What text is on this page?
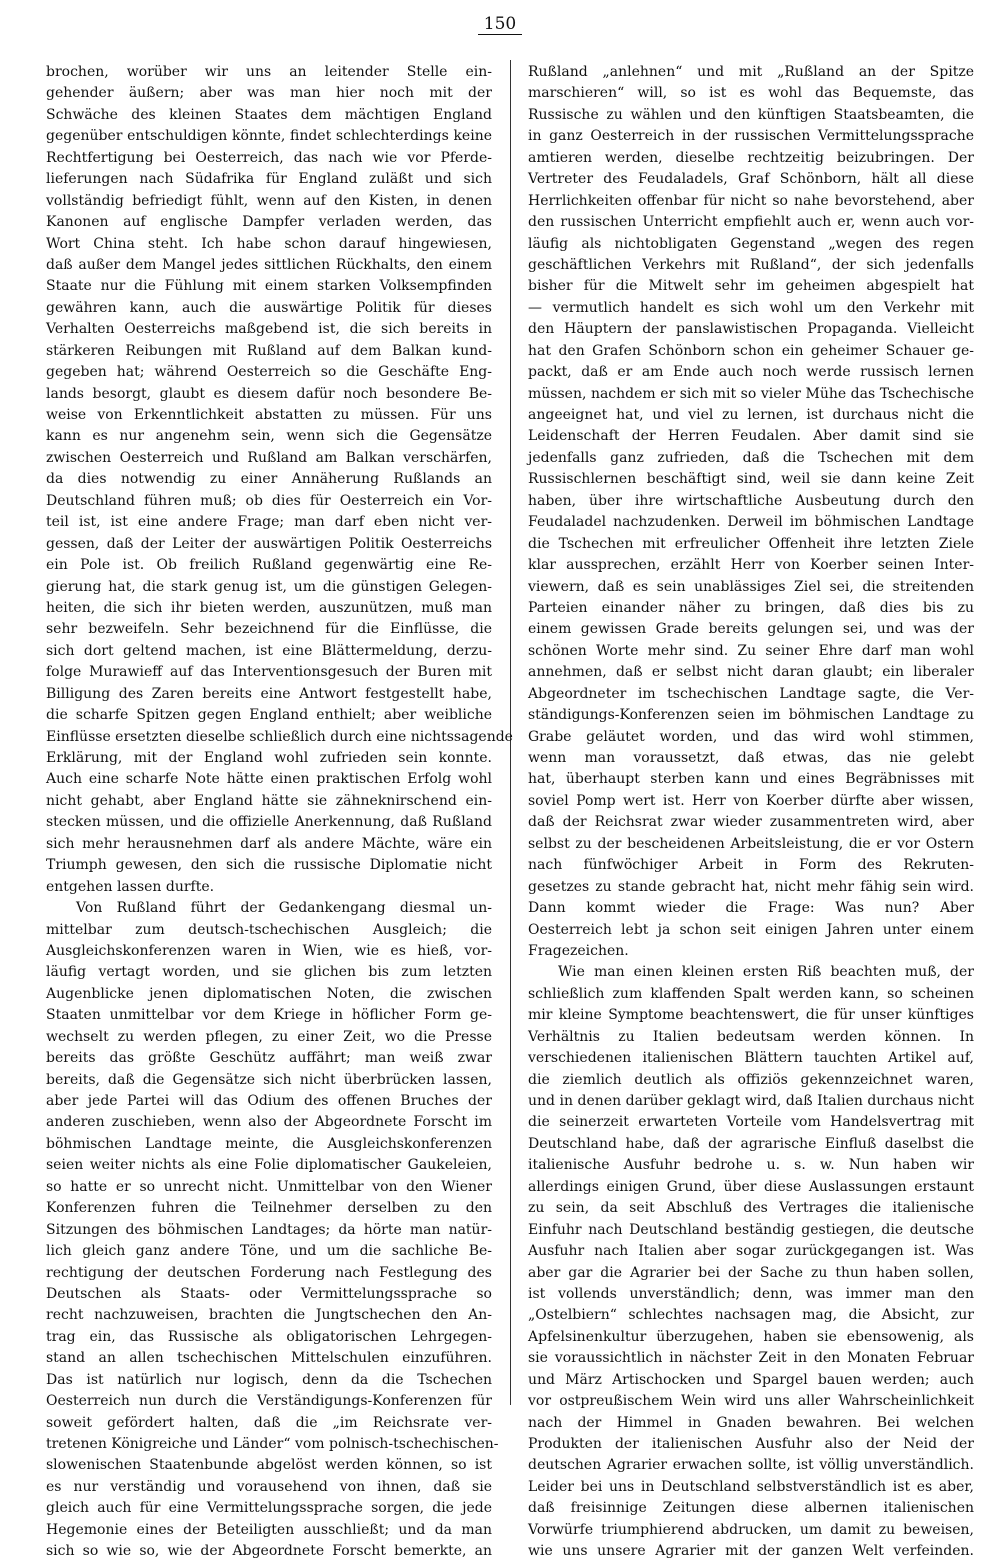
150
brochen, worüber wir uns an leitender Stelle ein-
gehender äußern; aber was man hier noch mit der
Schwäche des kleinen Staates dem mächtigen England
gegenüber entschuldigen könnte, findet schlechterdings keine
Rechtfertigung bei Oesterreich, das nach wie vor Pferde-
lieferungen nach Südafrika für England zuläßt und sich
vollständig befriedigt fühlt, wenn auf den Kisten, in denen
Kanonen auf englische Dampfer verladen werden, das
Wort China steht. Ich habe schon darauf hingewiesen,
daß außer dem Mangel jedes sittlichen Rückhalts, den einem
Staate nur die Fühlung mit einem starken Volksempfinden
gewähren kann, auch die auswärtige Politik für dieses
Verhalten Oesterreichs maßgebend ist, die sich bereits in
stärkeren Reibungen mit Rußland auf dem Balkan kund-
gegeben hat; während Oesterreich so die Geschäfte Eng-
lands besorgt, glaubt es diesem dafür noch besondere Be-
weise von Erkenntlichkeit abstatten zu müssen. Für uns
kann es nur angenehm sein, wenn sich die Gegensätze
zwischen Oesterreich und Rußland am Balkan verschärfen,
da dies notwendig zu einer Annäherung Rußlands an
Deutschland führen muß; ob dies für Oesterreich ein Vor-
teil ist, ist eine andere Frage; man darf eben nicht ver-
gessen, daß der Leiter der auswärtigen Politik Oesterreichs
ein Pole ist. Ob freilich Rußland gegenwärtig eine Re-
gierung hat, die stark genug ist, um die günstigen Gelegen-
heiten, die sich ihr bieten werden, auszunützen, muß man
sehr bezweifeln. Sehr bezeichnend für die Einflüsse, die
sich dort geltend machen, ist eine Blättermeldung, derzu-
folge Murawieff auf das Interventionsgesuch der Buren mit
Billigung des Zaren bereits eine Antwort festgestellt habe,
die scharfe Spitzen gegen England enthielt; aber weibliche
Einflüsse ersetzten dieselbe schließlich durch eine nichtssagende
Erklärung, mit der England wohl zufrieden sein konnte.
Auch eine scharfe Note hätte einen praktischen Erfolg wohl
nicht gehabt, aber England hätte sie zähneknirschend ein-
stecken müssen, und die offizielle Anerkennung, daß Rußland
sich mehr herausnehmen darf als andere Mächte, wäre ein
Triumph gewesen, den sich die russische Diplomatie nicht
entgehen lassen durfte.
Von Rußland führt der Gedankengang diesmal un-
mittelbar zum deutsch-tschechischen Ausgleich; die
Ausgleichskonferenzen waren in Wien, wie es hieß, vor-
läufig vertagt worden, und sie glichen bis zum letzten
Augenblicke jenen diplomatischen Noten, die zwischen
Staaten unmittelbar vor dem Kriege in höflicher Form ge-
wechselt zu werden pflegen, zu einer Zeit, wo die Presse
bereits das größte Geschütz auffährt; man weiß zwar
bereits, daß die Gegensätze sich nicht überbrücken lassen,
aber jede Partei will das Odium des offenen Bruches der
anderen zuschieben, wenn also der Abgeordnete Forscht im
böhmischen Landtage meinte, die Ausgleichskonferenzen
seien weiter nichts als eine Folie diplomatischer Gaukeleien,
so hatte er so unrecht nicht. Unmittelbar von den Wiener
Konferenzen fuhren die Teilnehmer derselben zu den
Sitzungen des böhmischen Landtages; da hörte man natür-
lich gleich ganz andere Töne, und um die sachliche Be-
rechtigung der deutschen Forderung nach Festlegung des
Deutschen als Staats- oder Vermittelungssprache so
recht nachzuweisen, brachten die Jungtschechen den An-
trag ein, das Russische als obligatorischen Lehrgegen-
stand an allen tschechischen Mittelschulen einzuführen.
Das ist natürlich nur logisch, denn da die Tschechen
Oesterreich nun durch die Verständigungs-Konferenzen für
soweit gefördert halten, daß die „im Reichsrate ver-
tretenen Königreiche und Länder“ vom polnisch-tschechischen-
slowenischen Staatenbunde abgelöst werden können, so ist
es nur verständig und vorausehend von ihnen, daß sie
gleich auch für eine Vermittelungssprache sorgen, die jede
Hegemonie eines der Beteiligten ausschließt; und da man
sich so wie so, wie der Abgeordnete Forscht bemerkte, an
Rußland „anlehnen“ und mit „Rußland an der Spitze
marschieren“ will, so ist es wohl das Bequemste, das
Russische zu wählen und den künftigen Staatsbeamten, die
in ganz Oesterreich in der russischen Vermittelungssprache
amtieren werden, dieselbe rechtzeitig beizubringen. Der
Vertreter des Feudaladels, Graf Schönborn, hält all diese
Herrlichkeiten offenbar für nicht so nahe bevorstehend, aber
den russischen Unterricht empfiehlt auch er, wenn auch vor-
läufig als nichtobligaten Gegenstand „wegen des regen
geschäftlichen Verkehrs mit Rußland“, der sich jedenfalls
bisher für die Mitwelt sehr im geheimen abgespielt hat
— vermutlich handelt es sich wohl um den Verkehr mit
den Häuptern der panslawistischen Propaganda. Vielleicht
hat den Grafen Schönborn schon ein geheimer Schauer ge-
packt, daß er am Ende auch noch werde russisch lernen
müssen, nachdem er sich mit so vieler Mühe das Tschechische
angeeignet hat, und viel zu lernen, ist durchaus nicht die
Leidenschaft der Herren Feudalen. Aber damit sind sie
jedenfalls ganz zufrieden, daß die Tschechen mit dem
Russischlernen beschäftigt sind, weil sie dann keine Zeit
haben, über ihre wirtschaftliche Ausbeutung durch den
Feudaladel nachzudenken. Derweil im böhmischen Landtage
die Tschechen mit erfreulicher Offenheit ihre letzten Ziele
klar aussprechen, erzählt Herr von Koerber seinen Inter-
viewern, daß es sein unablässiges Ziel sei, die streitenden
Parteien einander näher zu bringen, daß dies bis zu
einem gewissen Grade bereits gelungen sei, und was der
schönen Worte mehr sind. Zu seiner Ehre darf man wohl
annehmen, daß er selbst nicht daran glaubt; ein liberaler
Abgeordneter im tschechischen Landtage sagte, die Ver-
ständigungs-Konferenzen seien im böhmischen Landtage zu
Grabe geläutet worden, und das wird wohl stimmen,
wenn man voraussetzt, daß etwas, das nie gelebt
hat, überhaupt sterben kann und eines Begräbnisses mit
soviel Pomp wert ist. Herr von Koerber dürfte aber wissen,
daß der Reichsrat zwar wieder zusammentreten wird, aber
selbst zu der bescheidenen Arbeitsleistung, die er vor Ostern
nach fünfwöchiger Arbeit in Form des Rekruten-
gesetzes zu stande gebracht hat, nicht mehr fähig sein wird.
Dann kommt wieder die Frage: Was nun? Aber
Oesterreich lebt ja schon seit einigen Jahren unter einem
Fragezeichen.
Wie man einen kleinen ersten Riß beachten muß, der
schließlich zum klaffenden Spalt werden kann, so scheinen
mir kleine Symptome beachtenswert, die für unser künftiges
Verhältnis zu Italien bedeutsam werden können. In
verschiedenen italienischen Blättern tauchten Artikel auf,
die ziemlich deutlich als offiziös gekennzeichnet waren,
und in denen darüber geklagt wird, daß Italien durchaus nicht
die seinerzeit erwarteten Vorteile vom Handelsvertrag mit
Deutschland habe, daß der agrarische Einfluß daselbst die
italienische Ausfuhr bedrohe u. s. w. Nun haben wir
allerdings einigen Grund, über diese Auslassungen erstaunt
zu sein, da seit Abschluß des Vertrages die italienische
Einfuhr nach Deutschland beständig gestiegen, die deutsche
Ausfuhr nach Italien aber sogar zurückgegangen ist. Was
aber gar die Agrarier bei der Sache zu thun haben sollen,
ist vollends unverständlich; denn, was immer man den
„Ostelbiern“ schlechtes nachsagen mag, die Absicht, zur
Apfelsinenkultur überzugehen, haben sie ebensowenig, als
sie voraussichtlich in nächster Zeit in den Monaten Februar
und März Artischocken und Spargel bauen werden; auch
vor ostpreußischem Wein wird uns aller Wahrscheinlichkeit
nach der Himmel in Gnaden bewahren. Bei welchen
Produkten der italienischen Ausfuhr also der Neid der
deutschen Agrarier erwachen sollte, ist völlig unverständlich.
Leider bei uns in Deutschland selbstverständlich ist es aber,
daß freisinnige Zeitungen diese albernen italienischen
Vorwürfe triumphierend abdrucken, um damit zu beweisen,
wie uns unsere Agrarier mit der ganzen Welt verfeinden.
